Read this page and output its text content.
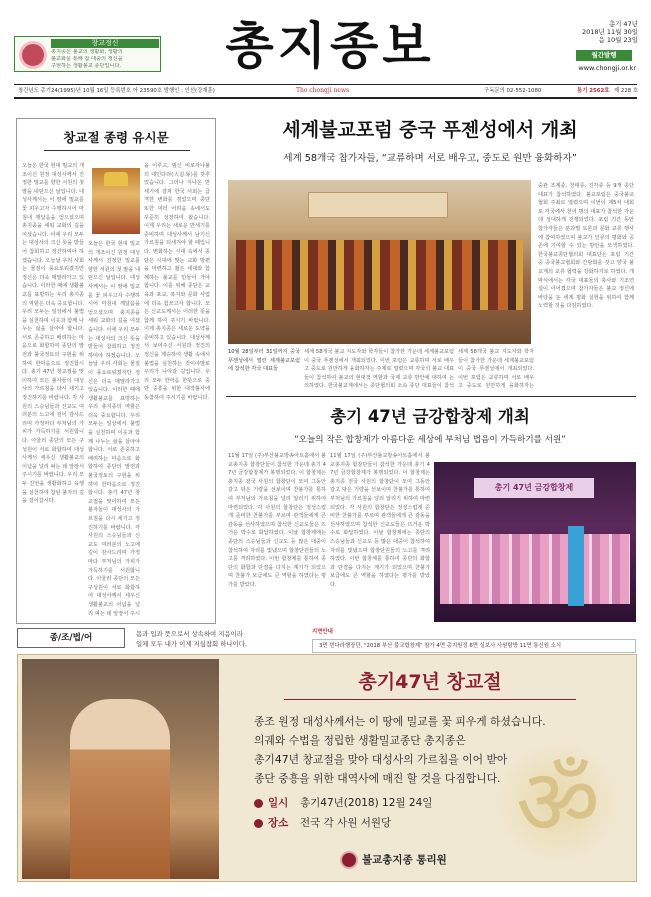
창교정신
총지종은 불교의 생활화, 생활의
불교화를 통해 참 대중의 정신을
구현하는 생활불교 종단입니다.	총지종보	총기 47년
2018년 11월 30일
음 10월 23일
월간발행
www.chongji.or.kr
창간년도 총기24(1995)년 10월 16일 등록번호 아 23590호 발행인 : 인선(강재훈)	The chongji news	구독문의 02-552-1080	통기 2562호 제 228 호
창교절 종령 유시문
오늘은 한국 현대 밀교의 개조이신 원정 대성사께서 진정한 밀교를 향한 서원의 첫 발을 내딛으신 날입니다. 대성사께서는 이 땅에 밀교를 꽃 피우고자 수행하시어 마침내 깨달음을 얻으셨으며 총지종을 세워 교화의 길을 여셨습니다. 이에 우리 모두는 대성사의 크신 뜻을 받들어 참회하고 정진하여야 하겠습니다. 오늘날 우리 사회는 물질이 풍요로워졌지만 정신은 더욱 메말라가고 있습니다. 이러한 때에 생활불교를 표방하는 우리 총지종의 역할은 더욱 중요합니다. 우리 모두는 일상에서 불법을 실천하며 이웃과 함께 나누는 삶을 살아야 합니다. 서로 존중하고 배려하는 마음으로 화합하여 종단의 발전과 불국정토의 구현을 위하여 한마음으로 정진합시다. 총기 47년 창교절을 맞이하여 모든 불자들이 대성사의 가르침을 다시 새기고 정진하기를 바랍니다. 각 사원의 스승님들과 신교도 여러분의 노고에 깊이 감사드리며 가정마다 부처님의 가피가 가득하기를 서원합니다. 아울러 종단의 모든 구성원이 서로 화합하여 대성사께서 세우신 생활불교의 이념을 널리 펴는 데 앞장서 주시기를 바랍니다. 우리 모두 진언을 생활화하고 육행을 실천하여 참된 불자의 길을 걸어갑시다.
을 이루고, 범신 비로자나불의 대인다라(大忍辱)를 갖추었습니다. 그러나 지나온 반세기에 걸쳐 한국 사회는 급격한 변화를 겪었으며 종단 또한 여러 어려움 속에서도 꾸준히 성장하여 왔습니다. 이제 우리는 새로운 반세기를 준비하며 대성사께서 남기신 가르침을 되새겨야 할 때입니다. 변화하는 시대 속에서 종단은 시대에 맞는 교화 방편을 마련하고 젊은 세대와 함께하는 불교를 만들어 가야 합니다. 이를 위해 종단은 교육과 포교, 복지와 문화 사업에 더욱 힘쓰고자 합니다. 모든 신교도께서는 이러한 뜻을 함께 하여 주시기 바랍니다. 이제 총지종은 새로운 도약을 준비하고 있습니다. 대성사께서 보여주신 서원과 정진의 정신을 계승하여 생활 속에서 불법을 실천하는 것이야말로 우리가 나아갈 길입니다. 우리 모두 한마음 한뜻으로 종단 중흥을 위한 대작불사에 동참하여 주시기를 바랍니다.
오늘은 한국 현대 밀교의 개조이신 원정 대성사께서 진정한 밀교를 향한 서원의 첫 발을 내딛으신 날입니다. 대성사께서는 이 땅에 밀교를 꽃 피우고자 수행하시어 마침내 깨달음을 얻으셨으며 총지종을 세워 교화의 길을 여셨습니다. 이에 우리 모두는 대성사의 크신 뜻을 받들어 참회하고 정진하여야 하겠습니다. 오늘날 우리 사회는 물질이 풍요로워졌지만 정신은 더욱 메말라가고 있습니다. 이러한 때에 생활불교를 표방하는 우리 총지종의 역할은 더욱 중요합니다. 우리 모두는 일상에서 불법을 실천하며 이웃과 함께 나누는 삶을 살아야 합니다. 서로 존중하고 배려하는 마음으로 화합하여 종단의 발전과 불국정토의 구현을 위하여 한마음으로 정진합시다. 총기 47년 창교절을 맞이하여 모든 불자들이 대성사의 가르침을 다시 새기고 정진하기를 바랍니다. 각 사원의 스승님들과 신교도 여러분의 노고에 깊이 감사드리며 가정마다 부처님의 가피가 가득하기를 서원합니다. 아울러 종단의 모든 구성원이 서로 화합하여 대성사께서 세우신 생활불교의 이념을 널리 펴는 데 앞장서 주시
세계불교포럼 중국 푸젠성에서 개최
세계 58개국 참가자들, “교류하며 서로 배우고, 중도로 원만 융화하자”
10월 28일부터 31일까지 중국 푸젠성에서 열린 세계불교포럼에 참석한 각국 대표들
세계 58개국 불교 지도자와 학자들이 참가한 가운데 세계불교포럼이 중국 푸젠성에서 개최되었다. 이번 포럼은 교류하며 서로 배우고 중도로 원만하게 융화하자는 주제로 열렸으며 각국의 불교 대표들이 참석하여 불교의 현대적 역할과 국제 교류 방안에 대하여 논의하였다. 한국불교계에서는 종단협의회 소속 종단 대표들이 참석
세계 58개국 불교 지도자와 학자들이 참가한 가운데 세계불교포럼이 중국 푸젠성에서 개최되었다. 이번 포럼은 교류하며 서로 배우고 중도로 원만하게 융화하자는
중관 조계종, 천태종, 진각종 등 9개 종단대표가 참석하였다. 불교포럼은 중국불교협회 주최로 열렸으며 이번이 제5차 대회로 각국에서 천여 명의 대표가 참석한 가운데 성대하게 진행되었다. 포럼 기간 동안 참가자들은 분과별 토론과 문화 교류 행사에 참여하였으며 불교가 인류의 평화와 공존에 기여할 수 있는 방안을 모색하였다. 한국불교종단협의회 대표단은 포럼 기간 중 중국불교협회와 간담회를 갖고 양국 불교계의 교류 협력을 강화하기로 하였다. 개막식에서는 각국 대표들의 축사와 기조연설이 이어졌으며 참가자들은 불교 정신에 바탕을 둔 세계 평화 실현을 위하여 함께 노력할 것을 다짐하였다.
총기 47년 금강합창제 개최
“오늘의 작은 합창제가 아름다운 세상에 부처님 법음이 가득하기를 서원”
11월 17일 (주)부산불교방송아트홀에서 불교총지종 합창단들이 참석한 가운데 총기 47년 금강합창제가 봉행되었다. 이 합창제는 총지종 전국 사원의 합창단이 모여 그동안 갈고 닦은 기량을 선보이며 찬불가를 통하여 부처님의 가르침을 널리 알리기 위하여 마련되었다. 각 사원의 합창단은 정성스럽게 준비한 찬불가를 부르며 관객들에게 큰 감동을 선사하였으며 참석한 신교도들은 뜨거운 박수로 화답하였다. 이날 합창제에는 종단의 스승님들과 신교도 등 많은 대중이 참석하여 자리를 빛냈으며 합창단원들의 노고를 격려하였다. 이번 합창제를 통하여 종단의 화합과 단결을 다지는 계기가 되었으며 찬불가 보급에도 큰 역할을 하였다는 평가를 받았다.
11월 17일 (주)부산불교방송아트홀에서 불교총지종 합창단들이 참석한 가운데 총기 47년 금강합창제가 봉행되었다. 이 합창제는 총지종 전국 사원의 합창단이 모여 그동안 갈고 닦은 기량을 선보이며 찬불가를 통하여 부처님의 가르침을 널리 알리기 위하여 마련되었다. 각 사원의 합창단은 정성스럽게 준비한 찬불가를 부르며 관객들에게 큰 감동을 선사하였으며 참석한 신교도들은 뜨거운 박수로 화답하였다. 이날 합창제에는 종단의 스승님들과 신교도 등 많은 대중이 참석하여 자리를 빛냈으며 합창단원들의 노고를 격려하였다. 이번 합창제를 통하여 종단의 화합과 단결을 다지는 계기가 되었으며 찬불가 보급에도 큰 역할을 하였다는 평가를 받았다.
총기 47년 금강합창제
종/조/법/어	몸과 입과 뜻으로서 상속하여 지음이라
일체 모두 내가 이제 지심참회 하나이다.
지면안내
3면 번다라행장단, "2018 부산 불교합창제" 참가 4면 총지원정 6면 실보사 사원탐방 11면 통신원 소식
ॐ
총기47년 창교절
종조 원정 대성사께서는 이 땅에 밀교를 꽃 피우게 하셨습니다.
의궤와 수법을 정립한 생활밀교종단 총지종은
총기47년 창교절을 맞아 대성사의 가르침을 이어 받아
종단 중흥을 위한 대역사에 매진 할 것을 다짐합니다.
일시	총기47년(2018) 12월 24일
장소	전국 각 사원 서원당
불교총지종 통리원
